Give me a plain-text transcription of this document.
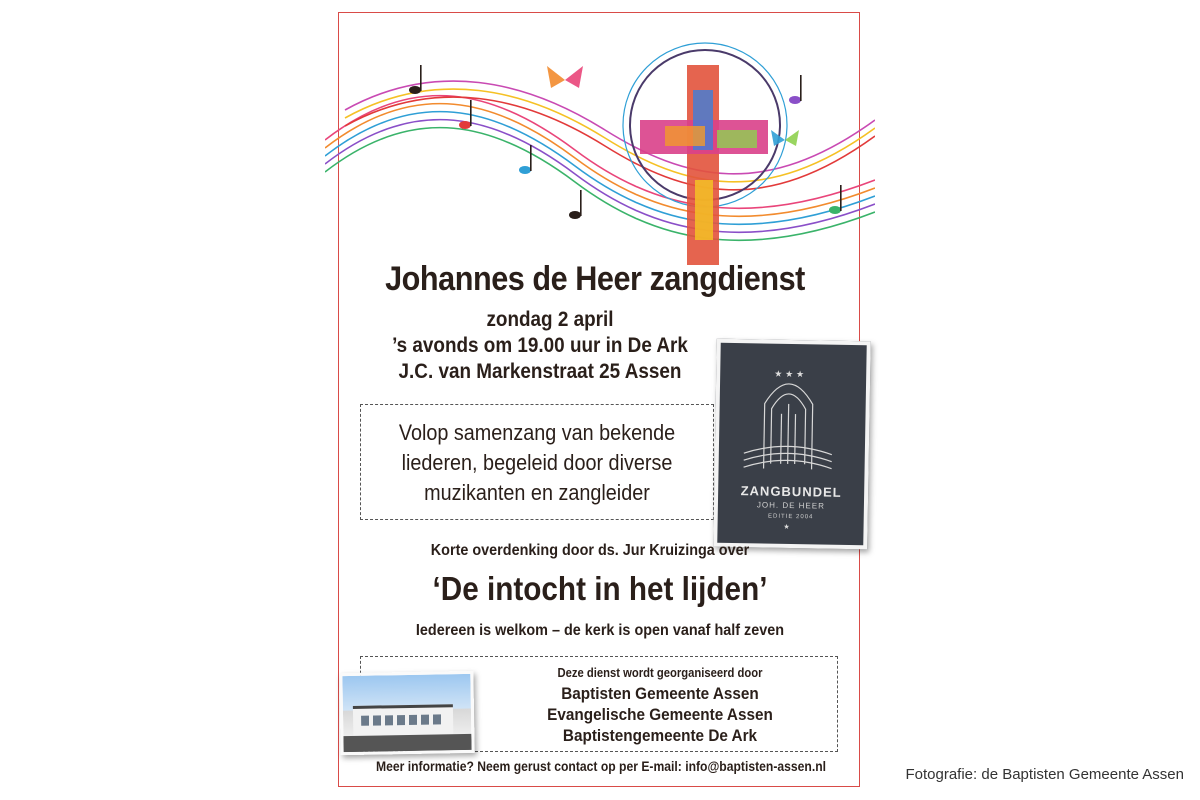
Johannes de Heer zangdienst
zondag 2 april
’s avonds om 19.00 uur in De Ark
J.C. van Markenstraat 25 Assen
Volop samenzang van bekende
liederen, begeleid door diverse
muzikanten en zangleider
★ ★ ★
★
ZANGBUNDEL
JOH. DE HEER
EDITIE 2004
Korte overdenking door ds. Jur Kruizinga over
‘De intocht in het lijden’
Iedereen is welkom – de kerk is open vanaf half zeven
Deze dienst wordt georganiseerd door
Baptisten Gemeente Assen
Evangelische Gemeente Assen
Baptistengemeente De Ark
Meer informatie? Neem gerust contact op per E-mail: info@baptisten-assen.nl	Fotografie: de Baptisten Gemeente Assen
